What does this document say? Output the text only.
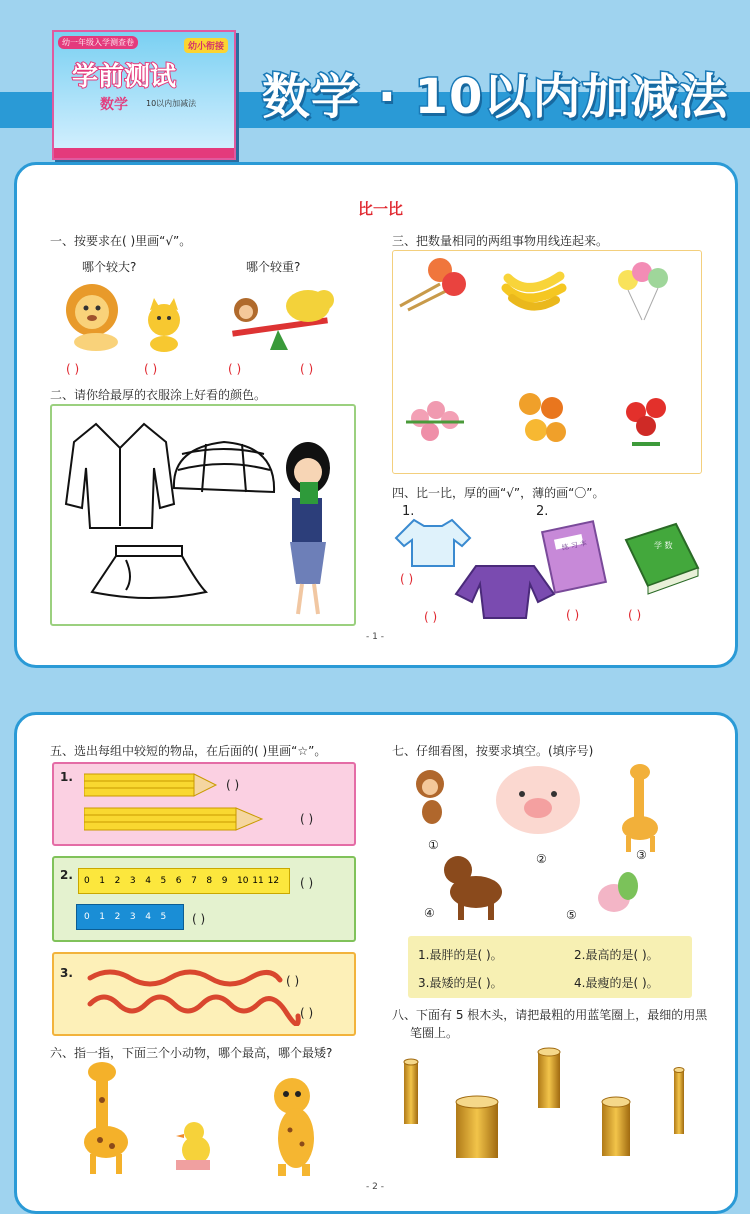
幼一年级入学测查卷	幼小衔接
学前测试
数学 10以内加减法 数学 · 10以内加减法
比一比
一、按要求在( )里画“√”。
哪个较大?	哪个较重?
( )	( )	( )	( )
二、请你给最厚的衣服涂上好看的颜色。
三、把数量相同的两组事物用线连起来。
四、比一比，厚的画“√”，薄的画“〇”。
1.	2.
练 习 本	学 数
( )
( )	( )	( )
- 1 -
五、选出每组中较短的物品，在后面的( )里画“☆”。
1.
( )
( )
2. 0 1 2 3 4 5 6 7 8 9 10 11 12
0 1 2 3 4 5
( )
( )
3.
( )
( )
六、指一指，下面三个小动物，哪个最高，哪个最矮?
七、仔细看图，按要求填空。(填序号)
①
②	③
④	⑤
1.最胖的是( )。	2.最高的是( )。
3.最矮的是( )。	4.最瘦的是( )。
八、下面有 5 根木头，请把最粗的用蓝笔圈上，最细的用黑
笔圈上。
- 2 -
